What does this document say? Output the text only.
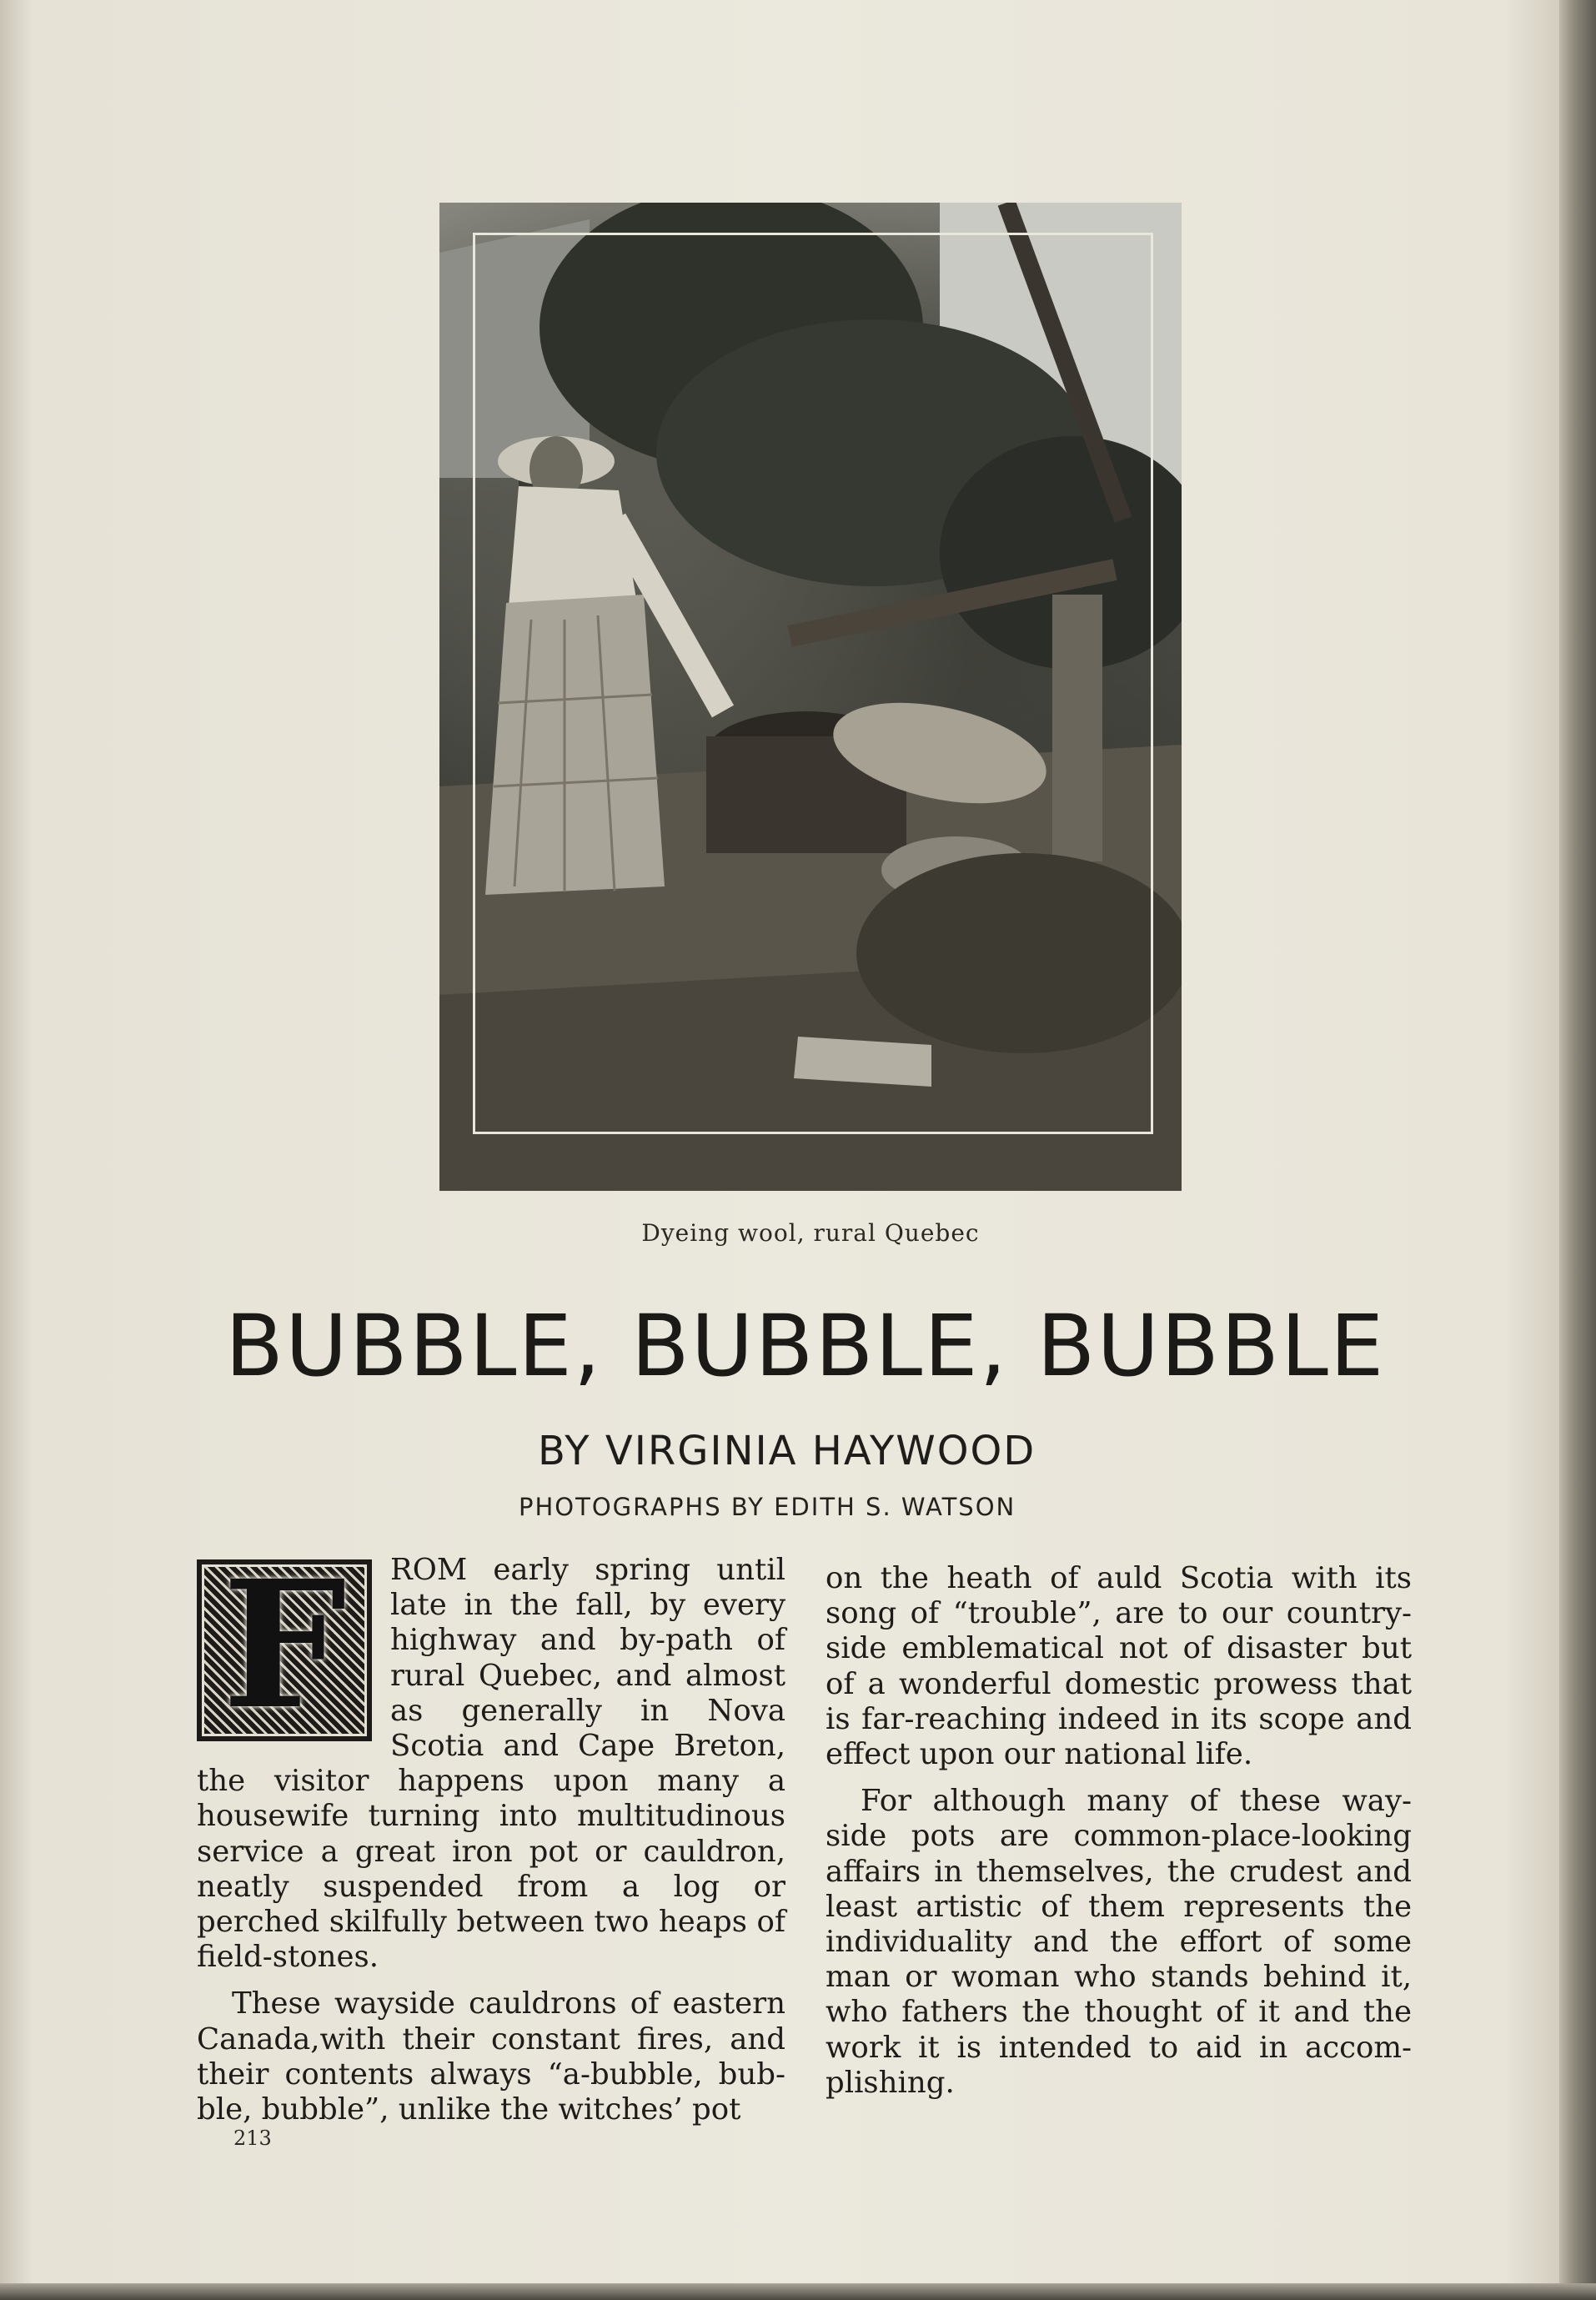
Dyeing wool, rural Quebec
BUBBLE, BUBBLE, BUBBLE
BY VIRGINIA HAYWOOD
PHOTOGRAPHS BY EDITH S. WATSON
F	ROM early spring until late in the fall, by every highway and by-path of rural Quebec, and almost as generally in Nova Scotia and Cape Breton, the visitor happens upon many a housewife turning into multitudinous service a great iron pot or cauldron, neatly suspended from a log or perched skilfully between two heaps of field-stones.

These wayside cauldrons of eastern Canada,with their constant fires, and their contents always “a-bubble, bub-ble, bubble”, unlike the witches’ pot

on the heath of auld Scotia with its song of “trouble”, are to our country-side emblematical not of disaster but of a wonderful domestic prowess that is far-reaching indeed in its scope and effect upon our national life.

For although many of these way-side pots are common-place-looking affairs in themselves, the crudest and least artistic of them represents the individuality and the effort of some man or woman who stands behind it, who fathers the thought of it and the work it is intended to aid in accom-plishing.

213
